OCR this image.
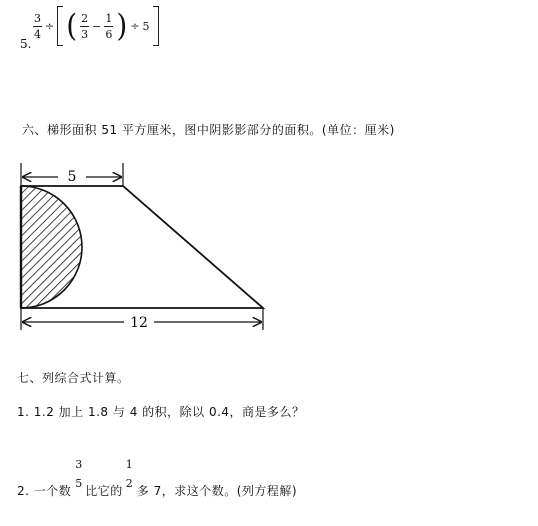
5.
$\frac{3}{4}$ ÷ ( $\frac{2}{3} - \frac{1}{6}$ ) ÷ 5
六、梯形面积 51 平方厘米，图中阴影影部分的面积。(单位：厘米)
5
12
七、列综合式计算。
1. 1.2 加上 1.8 与 4 的积，除以 0.4，商是多么？
2. 一个数
3
5
比它的
1
2
多 7，求这个数。(列方程解)
